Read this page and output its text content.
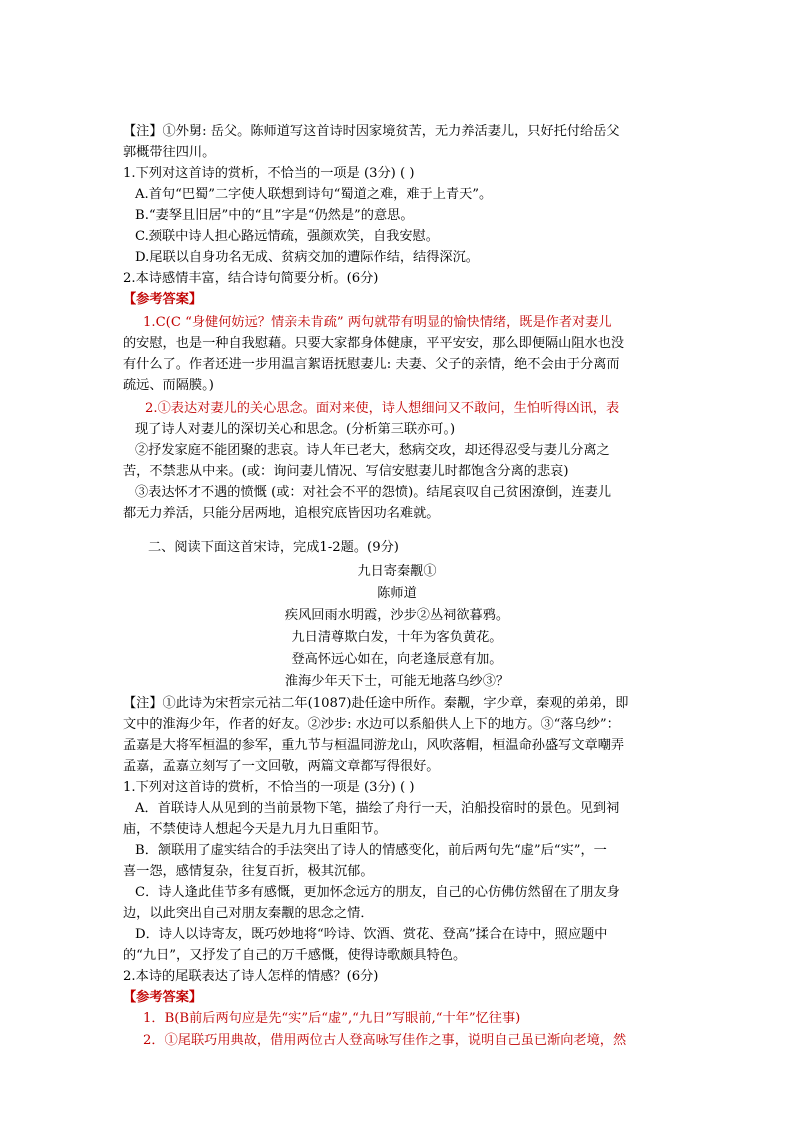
【注】①外舅: 岳父。陈师道写这首诗时因家境贫苦，无力养活妻儿，只好托付给岳父
郭概带往四川。
1.下列对这首诗的赏析，不恰当的一项是 (3分) ( )
A.首句“巴蜀”二字使人联想到诗句“蜀道之难，难于上青天”。
B.“妻孥且旧居”中的“且”字是“仍然是”的意思。
C.颈联中诗人担心路远情疏，强颜欢笑，自我安慰。
D.尾联以自身功名无成、贫病交加的遭际作结，结得深沉。
2.本诗感情丰富，结合诗句简要分析。(6分)
【参考答案】
1.C(C “身健何妨远？情亲未肯疏” 两句就带有明显的愉快情绪，既是作者对妻儿
的安慰，也是一种自我慰藉。只要大家都身体健康，平平安安，那么即便隔山阻水也没
有什么了。作者还进一步用温言絮语抚慰妻儿: 夫妻、父子的亲情，绝不会由于分离而
疏远、而隔膜。)
2.①表达对妻儿的关心思念。面对来使，诗人想细问又不敢问，生怕听得凶讯，表
现了诗人对妻儿的深切关心和思念。(分析第三联亦可。)
②抒发家庭不能团聚的悲哀。诗人年已老大，愁病交攻，却还得忍受与妻儿分离之
苦，不禁悲从中来。(或：询问妻儿情况、写信安慰妻儿时都饱含分离的悲哀)
③表达怀才不遇的愤慨 (或：对社会不平的怨愤)。结尾哀叹自己贫困潦倒，连妻儿
都无力养活，只能分居两地，追根究底皆因功名难就。
二、阅读下面这首宋诗，完成1-2题。(9分)
九日寄秦觏①
陈师道
疾风回雨水明霞，沙步②丛祠欲暮鸦。
九日清尊欺白发，十年为客负黄花。
登高怀远心如在，向老逢辰意有加。
淮海少年天下士，可能无地落乌纱③？
【注】①此诗为宋哲宗元祜二年(1087)赴任途中所作。秦觏，字少章，秦观的弟弟，即
文中的淮海少年，作者的好友。②沙步: 水边可以系船供人上下的地方。③“落乌纱”：
孟嘉是大将军桓温的参军，重九节与桓温同游龙山，风吹落帽，桓温命孙盛写文章嘲弄
孟嘉，孟嘉立刻写了一文回敬，两篇文章都写得很好。
1.下列对这首诗的赏析，不恰当的一项是 (3分) ( )
A．首联诗人从见到的当前景物下笔，描绘了舟行一天，泊船投宿时的景色。见到祠
庙，不禁使诗人想起今天是九月九日重阳节。
B．颔联用了虚实结合的手法突出了诗人的情感变化，前后两句先“虚”后“实”，一
喜一怨，感情复杂，往复百折，极其沉郁。
C．诗人逢此佳节多有感慨，更加怀念远方的朋友，自己的心仿佛仿然留在了朋友身
边，以此突出自己对朋友秦觏的思念之情．
D．诗人以诗寄友，既巧妙地将“吟诗、饮酒、赏花、登高”揉合在诗中，照应题中
的“九日”，又抒发了自己的万千感慨，使得诗歌颇具特色。
2.本诗的尾联表达了诗人怎样的情感？(6分)
【参考答案】
1．B(B前后两句应是先“实”后“虚”,“九日”写眼前,“十年”忆往事)
2．①尾联巧用典故，借用两位古人登高咏写佳作之事，说明自己虽已渐向老境，然
